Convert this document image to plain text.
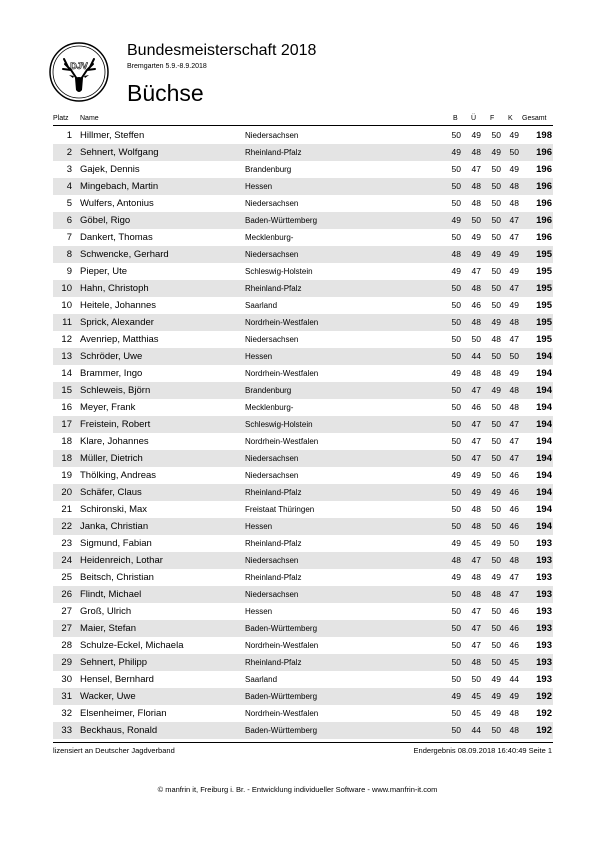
DJV
Bundesmeisterschaft 2018
Bremgarten 5.9.-8.9.2018
Büchse
Platz Name	B Ü F K Gesamt
1 Hillmer, Steffen	Niedersachsen	50	49	50	49	198
2 Sehnert, Wolfgang	Rheinland-Pfalz	49	48	49	50	196
3 Gajek, Dennis	Brandenburg	50	47	50	49	196
4 Mingebach, Martin	Hessen	50	48	50	48	196
5 Wulfers, Antonius	Niedersachsen	50	48	50	48	196
6 Göbel, Rigo	Baden-Württemberg	49	50	50	47	196
7 Dankert, Thomas	Mecklenburg-	50	49	50	47	196
8 Schwencke, Gerhard	Niedersachsen	48	49	49	49	195
9 Pieper, Ute	Schleswig-Holstein	49	47	50	49	195
10 Hahn, Christoph	Rheinland-Pfalz	50	48	50	47	195
10 Heitele, Johannes	Saarland	50	46	50	49	195
11 Sprick, Alexander	Nordrhein-Westfalen	50	48	49	48	195
12 Avenriep, Matthias	Niedersachsen	50	50	48	47	195
13 Schröder, Uwe	Hessen	50	44	50	50	194
14 Brammer, Ingo	Nordrhein-Westfalen	49	48	48	49	194
15 Schleweis, Björn	Brandenburg	50	47	49	48	194
16 Meyer, Frank	Mecklenburg-	50	46	50	48	194
17 Freistein, Robert	Schleswig-Holstein	50	47	50	47	194
18 Klare, Johannes	Nordrhein-Westfalen	50	47	50	47	194
18 Müller, Dietrich	Niedersachsen	50	47	50	47	194
19 Thölking, Andreas	Niedersachsen	49	49	50	46	194
20 Schäfer, Claus	Rheinland-Pfalz	50	49	49	46	194
21 Schironski, Max	Freistaat Thüringen	50	48	50	46	194
22 Janka, Christian	Hessen	50	48	50	46	194
23 Sigmund, Fabian	Rheinland-Pfalz	49	45	49	50	193
24 Heidenreich, Lothar	Niedersachsen	48	47	50	48	193
25 Beitsch, Christian	Rheinland-Pfalz	49	48	49	47	193
26 Flindt, Michael	Niedersachsen	50	48	48	47	193
27 Groß, Ulrich	Hessen	50	47	50	46	193
27 Maier, Stefan	Baden-Württemberg	50	47	50	46	193
28 Schulze-Eckel, Michaela	Nordrhein-Westfalen	50	47	50	46	193
29 Sehnert, Philipp	Rheinland-Pfalz	50	48	50	45	193
30 Hensel, Bernhard	Saarland	50	50	49	44	193
31 Wacker, Uwe	Baden-Württemberg	49	45	49	49	192
32 Elsenheimer, Florian	Nordrhein-Westfalen	50	45	49	48	192
33 Beckhaus, Ronald	Baden-Württemberg	50	44	50	48	192
lizensiert an Deutscher Jagdverband	Endergebnis 08.09.2018 16:40:49 Seite 1
© manfrin it, Freiburg i. Br. - Entwicklung individueller Software - www.manfrin-it.com
